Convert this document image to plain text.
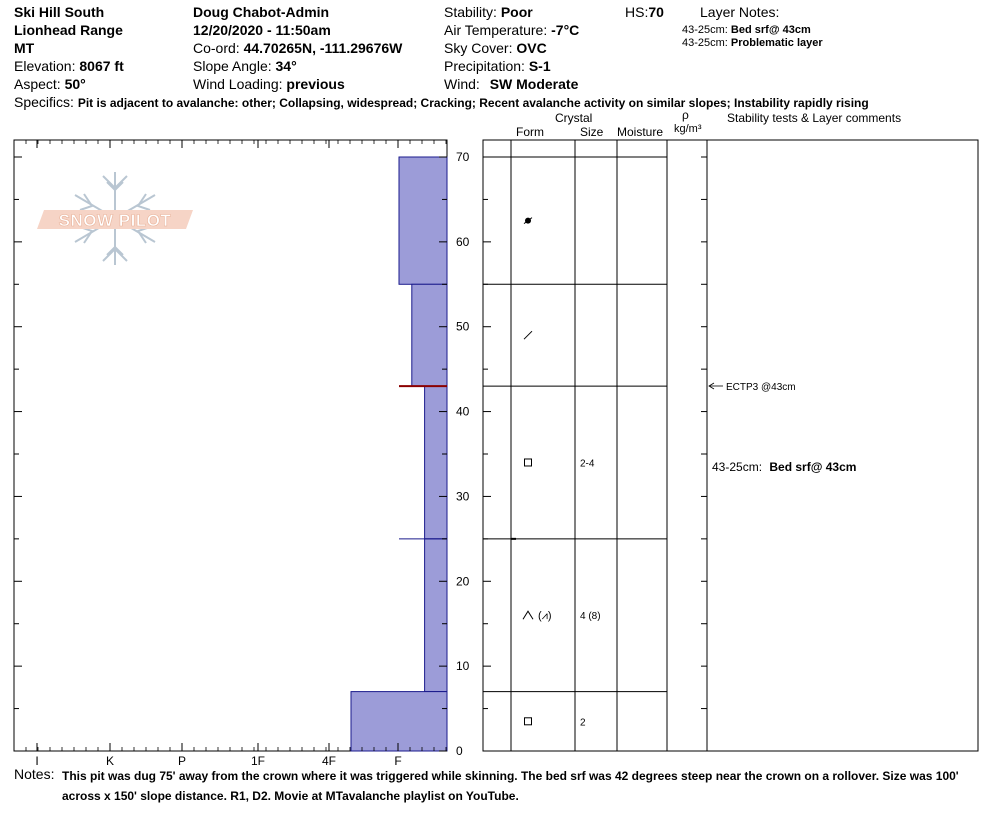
Ski Hill South
Lionhead Range
MT
Elevation: 8067 ft
Aspect: 50°
Doug Chabot-Admin
12/20/2020 - 11:50am
Co-ord: 44.70265N, -111.29676W
Slope Angle: 34°
Wind Loading: previous
Stability: Poor
Air Temperature: -7°C
Sky Cover: OVC
Precipitation: S-1
Wind: SW Moderate
HS:70	Layer Notes:
43-25cm: Bed srf@ 43cm
43-25cm: Problematic layer
Specifics: Pit is adjacent to avalanche: other; Collapsing, widespread; Cracking; Recent avalanche activity on similar slopes; Instability rapidly rising
Crystal
Form	Size Moisture
ρ
kg/m³
Stability tests & Layer comments
SNOW PILOT
I	K	P	1F	4F	F
0
10
20
30
40
50
60
70
2-4
(⩘)	4 (8)
2
ECTP3 @43cm
43-25cm: Bed srf@ 43cm
Notes: This pit was dug 75' away from the crown where it was triggered while skinning. The bed srf was 42 degrees steep near the crown on a rollover. Size was 100' across x 150' slope distance. R1, D2. Movie at MTavalanche playlist on YouTube.
